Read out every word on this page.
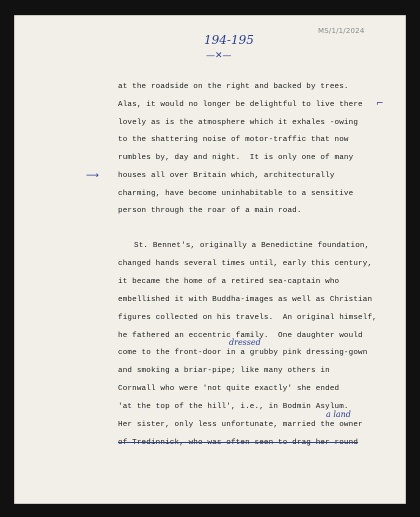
194-195
—✕—
MS/1/1/2024
at the roadside on the right and backed by trees.
Alas, it would no longer be delightful to live there ⌐
lovely as is the atmosphere which it exhales -owing
to the shattering noise of motor-traffic that now
rumbles by, day and night.  It is only one of many
⟶	houses all over Britain which, architecturally
charming, have become uninhabitable to a sensitive
person through the roar of a main road.
St. Bennet's, originally a Benedictine foundation,
changed hands several times until, early this century,
it became the home of a retired sea-captain who
embellished it with Buddha-images as well as Christian
figures collected on his travels.  An original himself,
he fathered an eccentric family.  One daughter would
dressed
come to the front-door in a grubby pink dressing-gown
and smoking a briar-pipe; like many others in
Cornwall who were 'not quite exactly' she ended
'at the top of the hill', i.e., in Bodmin Asylum.
a land
Her sister, only less unfortunate, married the owner
of Tredinnick, who was often seen to drag her round
